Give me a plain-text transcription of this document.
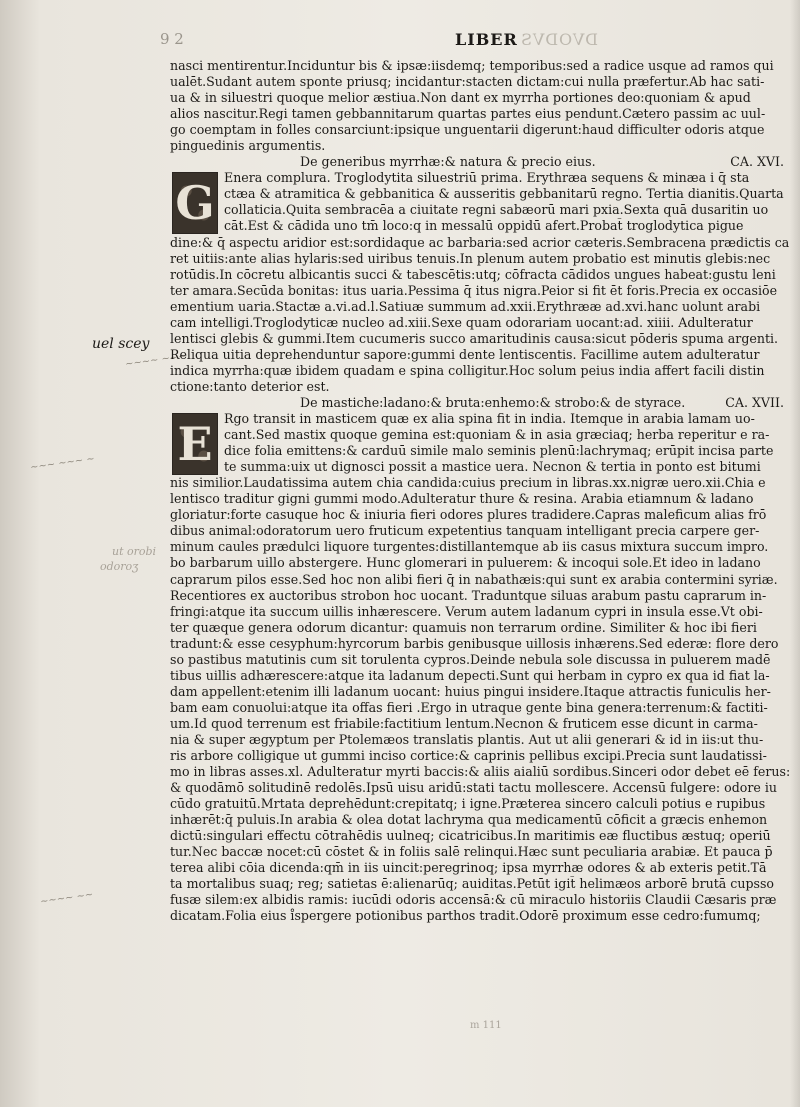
9 2	LIBER DVODVS
uel scey
ut orobi
odoroʒ
~~~~ ~~~
~~~ ~~~ ~
~~~~ ~~
nasci mentirentur.Inciduntur bis & ipsæ:iisdemq; temporibus:sed a radice usque ad ramos qui
ualēt.Sudant autem sponte priusq; incidantur:stacten dictam:cui nulla præfertur.Ab hac sati-
ua & in siluestri quoque melior æstiua.Non dant ex myrrha portiones deo:quoniam & apud
alios nascitur.Regi tamen gebbannitarum quartas partes eius pendunt.Cætero passim ac uul-
go coemptam in folles consarciunt:ipsique unguentarii digerunt:haud difficulter odoris atque
pinguedinis argumentis.
De generibus myrrhæ:& natura & precio eius.	CA. XVI.
G Enera complura. Troglodytita siluestriū prima. Erythræa sequens & minæa i q̄ sta
ctæa & atramitica & gebbanitica & ausseritis gebbanitarū regno. Tertia dianitis.Quarta
collaticia.Quita sembracēa a ciuitate regni sabæorū mari pxia.Sexta quā dusaritin uo
cāt.Est & cādida uno tm̄ loco:q in messalū oppidū afert.Probat̄ troglodytica pigue
dine:& q̄ aspectu aridior est:sordidaque ac barbaria:sed acrior cæteris.Sembracena prædictis ca
ret uitiis:ante alias hylaris:sed uiribus tenuis.In plenum autem probatio est minutis glebis:nec
rotūdis.In cōcretu albicantis succi & tabescētis:utq; cōfracta cādidos ungues habeat:gustu leni
ter amara.Secūda bonitas: itus uaria.Pessima q̄ itus nigra.Peior si fit ēt foris.Precia ex occasiōe
ementium uaria.Stactæ a.vi.ad.l.Satiuæ summum ad.xxii.Erythrææ ad.xvi.hanc uolunt arabi
cam intelligi.Troglodyticæ nucleo ad.xiii.Sexe quam odorariam uocant:ad. xiiii. Adulteratur
lentisci glebis & gummi.Item cucumeris succo amaritudinis causa:sicut pōderis spuma argenti.
Reliqua uitia deprehenduntur sapore:gummi dente lentiscentis. Facillime autem adulteratur
indica myrrha:quæ ibidem quadam e spina colligitur.Hoc solum peius india affert facili distin
ctione:tanto deterior est.
De mastiche:ladano:& bruta:enhemo:& strobo:& de styrace.	CA. XVII.
E Rgo transit in masticem quæ ex alia spina fit in india. Itemque in arabia lamam uo-
cant.Sed mastix quoque gemina est:quoniam & in asia græciaq; herba reperitur e ra-
dice folia emittens:& carduū simile malo seminis plenū:lachrymaq; erūpit incisa parte
te summa:uix ut dignosci possit a mastice uera. Necnon & tertia in ponto est bitumi
nis similior.Laudatissima autem chia candida:cuius precium in libras.xx.nigræ uero.xii.Chia e
lentisco traditur gigni gummi modo.Adulteratur thure & resina. Arabia etiamnum & ladano
gloriatur:forte casuque hoc & iniuria fieri odores plures tradidere.Capras maleficum alias frō
dibus animal:odoratorum uero fruticum expetentius tanquam intelligant precia carpere ger-
minum caules prædulci liquore turgentes:distillantemque ab iis casus mixtura succum impro.
bo barbarum uillo abstergere. Hunc glomerari in puluerem: & incoqui sole.Et ideo in ladano
caprarum pilos esse.Sed hoc non alibi fieri q̄ in nabathæis:qui sunt ex arabia contermini syriæ.
Recentiores ex auctoribus strobon hoc uocant. Traduntque siluas arabum pastu caprarum in-
fringi:atque ita succum uillis inhærescere. Verum autem ladanum cypri in insula esse.Vt obi-
ter quæque genera odorum dicantur: quamuis non terrarum ordine. Similiter & hoc ibi fieri
tradunt:& esse cesyphum:hyrcorum barbis genibusque uillosis inhærens.Sed ederæ: flore dero
so pastibus matutinis cum sit torulenta cypros.Deinde nebula sole discussa in puluerem madē
tibus uillis adhærescere:atque ita ladanum depecti.Sunt qui herbam in cypro ex qua id fiat la-
dam appellent:etenim illi ladanum uocant: huius pingui insidere.Itaque attractis funiculis her-
bam eam conuolui:atque ita offas fieri .Ergo in utraque gente bina genera:terrenum:& factiti-
um.Id quod terrenum est friabile:factitium lentum.Necnon & fruticem esse dicunt in carma-
nia & super ægyptum per Ptolemæos translatis plantis. Aut ut alii generari & id in iis:ut thu-
ris arbore colligique ut gummi inciso cortice:& caprinis pellibus excipi.Precia sunt laudatissi-
mo in libras asses.xl. Adulteratur myrti baccis:& aliis aialiū sordibus.Sinceri odor debet eē ferus:
& quodāmō solitudinē redolēs.Ipsū uisu aridū:stati tactu mollescere. Accensū fulgere: odore iu
cūdo gratuitū.Mrtata deprehēdunt:crepitatq; i igne.Præterea sincero calculi potius e rupibus
inhærēt:q̄ puluis.In arabia & olea dotat lachryma qua medicamentū cōficit a græcis enhemon
dictū:singulari effectu cōtrahēdis uulneq; cicatricibus.In maritimis eæ fluctibus æstuq; operiū
tur.Nec baccæ nocet:cū cōstet & in foliis salē relinqui.Hæc sunt peculiaria arabiæ. Et pauca p̄
terea alibi cōia dicenda:qm̄ in iis uincit:peregrinoq; ipsa myrrhæ odores & ab exteris petit.Tā
ta mortalibus suaq; reg; satietas ē:alienarūq; auiditas.Petūt igit̄ helimæos arborē brutā cupsso
fusæ silem:ex albidis ramis: iucūdi odoris accensā:& cū miraculo historiis Claudii Cæsaris præ
dicatam.Folia eius i̊spergere potionibus parthos tradit.Odorē proximum esse cedro:fumumq;
m 111
